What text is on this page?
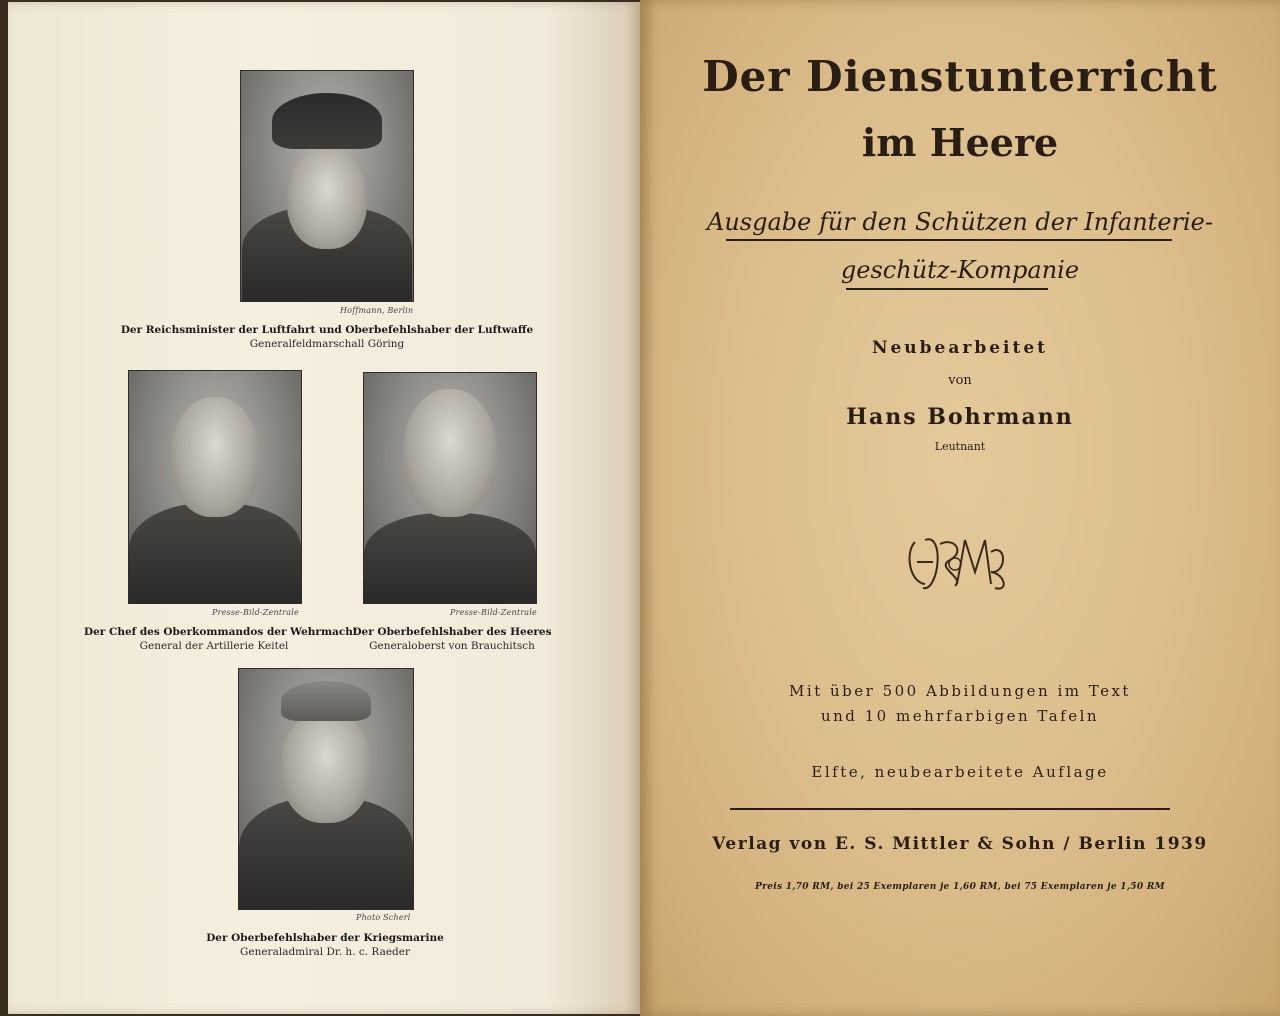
Hoffmann, Berlin
Der Reichsminister der Luftfahrt und Oberbefehlshaber der Luftwaffe
Generalfeldmarschall Göring
Presse-Bild-Zentrale
Der Chef des Oberkommandos der Wehrmacht
General der Artillerie Keitel
Presse-Bild-Zentrale
Der Oberbefehlshaber des Heeres
Generaloberst von Brauchitsch
Photo Scherl
Der Oberbefehlshaber der Kriegsmarine
Generaladmiral Dr. h. c. Raeder
Der Dienstunterricht
im Heere
Ausgabe für den Schützen der Infanterie-
geschütz-Kompanie
Neubearbeitet
von
Hans Bohrmann
Leutnant
Mit über 500 Abbildungen im Text
und 10 mehrfarbigen Tafeln
Elfte, neubearbeitete Auflage
Verlag von E. S. Mittler & Sohn / Berlin 1939
Preis 1,70 RM, bei 25 Exemplaren je 1,60 RM, bei 75 Exemplaren je 1,50 RM
